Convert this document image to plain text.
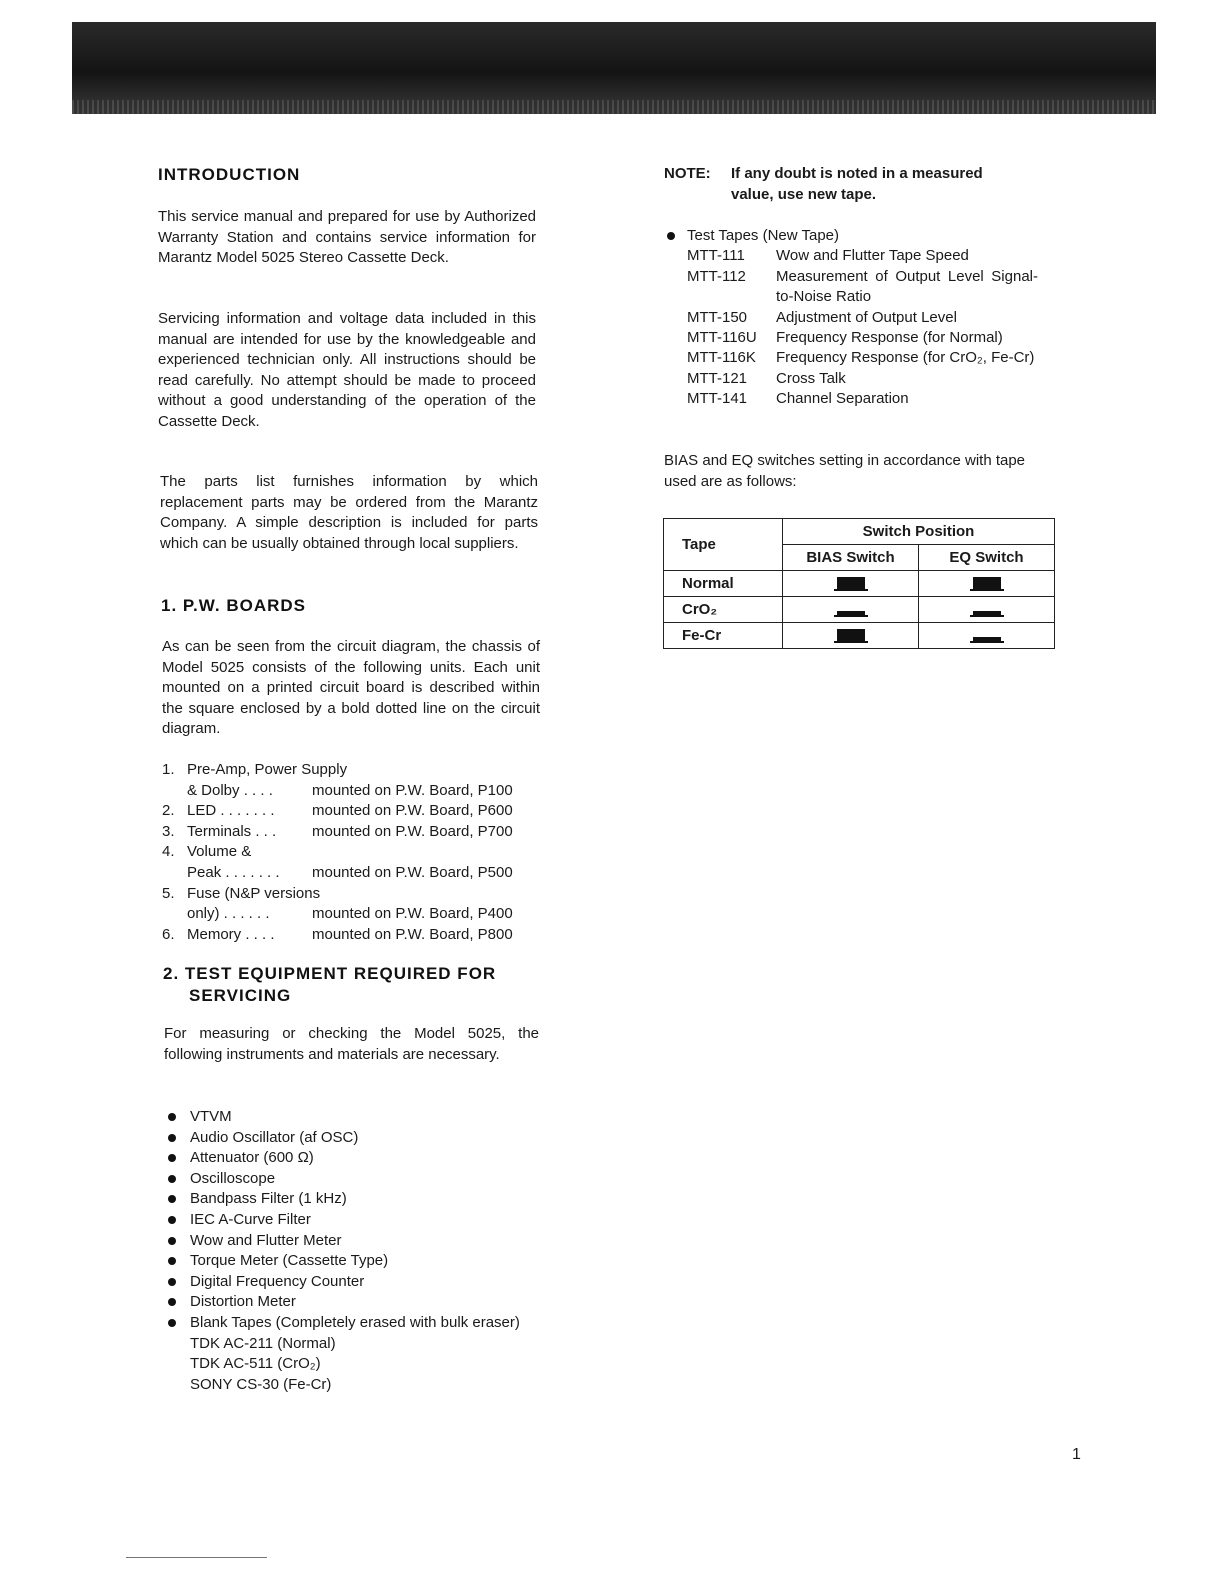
INTRODUCTION

This service manual and prepared for use by Authorized Warranty Station and contains service information for Marantz Model 5025 Stereo Cassette Deck.

Servicing information and voltage data included in this manual are intended for use by the knowledgeable and experienced technician only. All instructions should be read carefully. No attempt should be made to proceed without a good understanding of the operation of the Cassette Deck.

The parts list furnishes information by which replacement parts may be ordered from the Marantz Company. A simple description is included for parts which can be usually obtained through local suppliers.

1. P.W. BOARDS

As can be seen from the circuit diagram, the chassis of Model 5025 consists of the following units. Each unit mounted on a printed circuit board is described within the square enclosed by a bold dotted line on the circuit diagram.

1. Pre-Amp, Power Supply
& Dolby . . . .	mounted on P.W. Board, P100
2. LED . . . . . . .	mounted on P.W. Board, P600
3. Terminals . . .	mounted on P.W. Board, P700
4. Volume &
Peak . . . . . . .	mounted on P.W. Board, P500
5. Fuse (N&P versions
only) . . . . . .	mounted on P.W. Board, P400
6. Memory . . . .	mounted on P.W. Board, P800
2. TEST EQUIPMENT REQUIRED FOR
SERVICING

For measuring or checking the Model 5025, the following instruments and materials are necessary.

VTVM
Audio Oscillator (af OSC)
Attenuator (600 Ω)
Oscilloscope
Bandpass Filter (1 kHz)
IEC A-Curve Filter
Wow and Flutter Meter
Torque Meter (Cassette Type)
Digital Frequency Counter
Distortion Meter
Blank Tapes (Completely erased with bulk eraser)
TDK AC-211 (Normal)
TDK AC-511 (CrO₂)
SONY CS-30 (Fe-Cr)
NOTE: If any doubt is noted in a measured
value, use new tape.
Test Tapes (New Tape)
MTT-111	Wow and Flutter Tape Speed
MTT-112	Measurement of Output Level Signal-to-Noise Ratio
MTT-150	Adjustment of Output Level
MTT-116U	Frequency Response (for Normal)
MTT-116K	Frequency Response (for CrO₂, Fe-Cr)
MTT-121	Cross Talk
MTT-141	Channel Separation
BIAS and EQ switches setting in accordance with tape used are as follows:
Tape	Switch Position	
	BIAS Switch	EQ Switch
Normal		
CrO₂		
Fe-Cr		
1
